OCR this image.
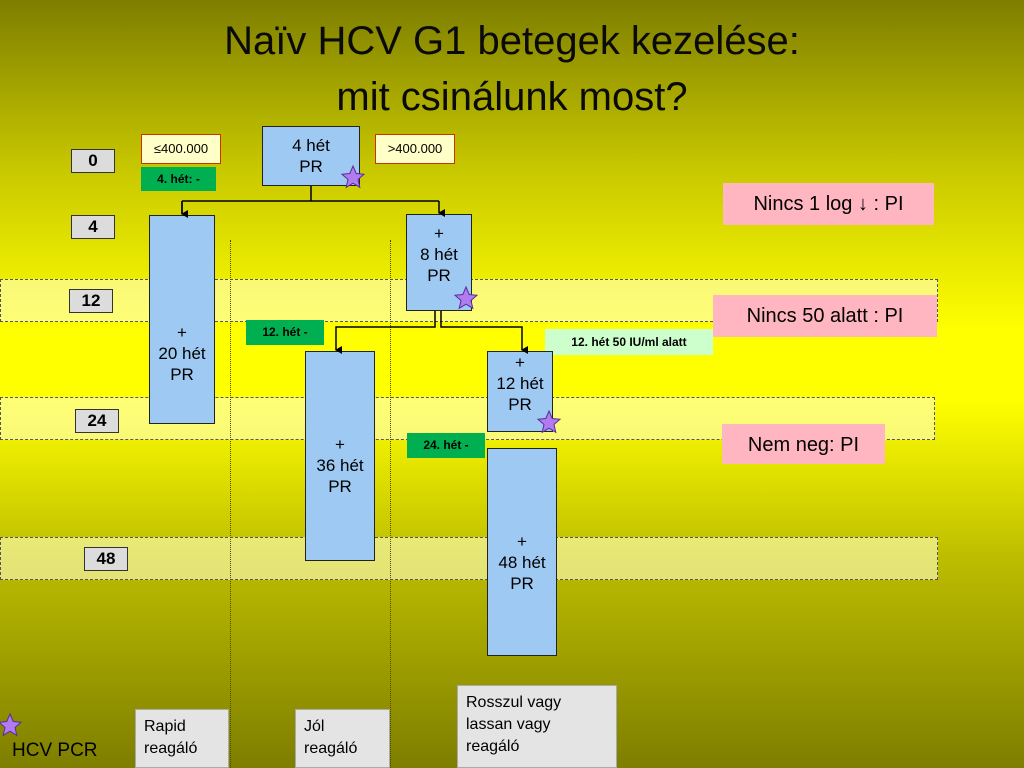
Naïv HCV G1 betegek kezelése:
mit csinálunk most?
0
4
12
24
48
≤400.000	>400.000
4 hét
PR
4. hét: -
12. hét -
24. hét -
12. hét 50 IU/ml alatt
+
20 hét
PR
+
8 hét
PR
+
36 hét
PR
+
12 hét
PR
+
48 hét
PR
Nincs 1 log ↓ : PI
Nincs 50 alatt : PI
Nem neg: PI
Rapid
reagáló
Jól
reagáló
Rosszul vagy
lassan vagy
reagáló
HCV PCR
